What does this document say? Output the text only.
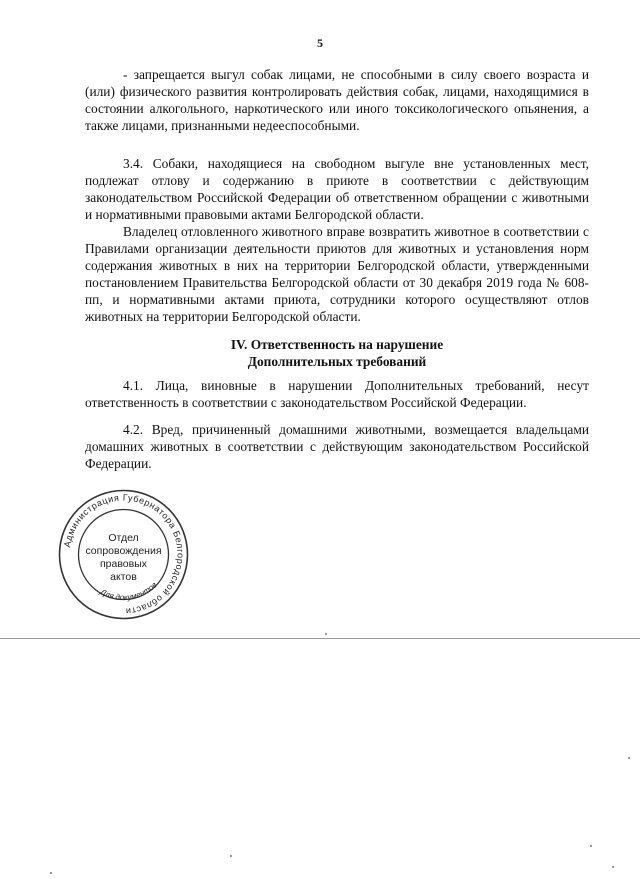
5

- запрещается выгул собак лицами, не способными в силу своего возраста и (или) физического развития контролировать действия собак, лицами, находящимися в состоянии алкогольного, наркотического или иного токсикологического опьянения, а также лицами, признанными недееспособными.

3.4. Собаки, находящиеся на свободном выгуле вне установленных мест, подлежат отлову и содержанию в приюте в соответствии с действующим законодательством Российской Федерации об ответственном обращении с животными и нормативными правовыми актами Белгородской области.

Владелец отловленного животного вправе возвратить животное в соответствии с Правилами организации деятельности приютов для животных и установления норм содержания животных в них на территории Белгородской области, утвержденными постановлением Правительства Белгородской области от 30 декабря 2019 года № 608-пп, и нормативными актами приюта, сотрудники которого осуществляют отлов животных на территории Белгородской области.

IV. Ответственность на нарушение
Дополнительных требований

4.1. Лица, виновные в нарушении Дополнительных требований, несут ответственность в соответствии с законодательством Российской Федерации.

4.2. Вред, причиненный домашними животными, возмещается владельцами домашних животных в соответствии с действующим законодательством Российской Федерации.

Администрация Губернатора Белгородской области
Для документов
Отдел
сопровождения
правовых
актов
